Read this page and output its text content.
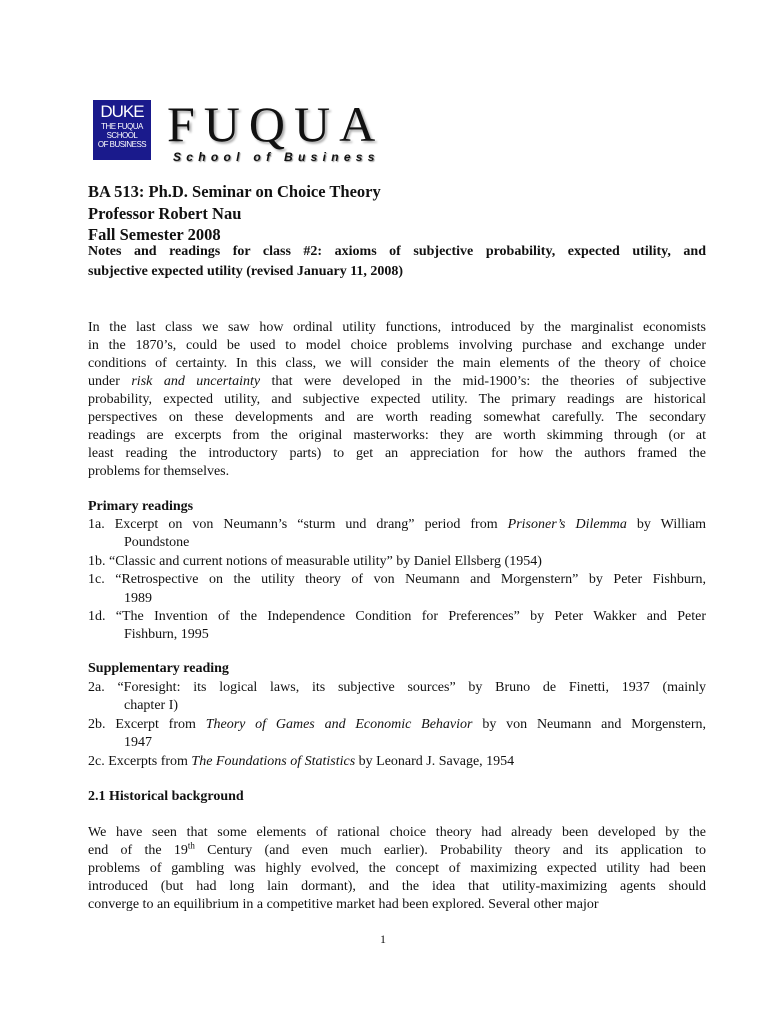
DUKE
THE FUQUA
SCHOOL
OF BUSINESS FUQUA
School of Business
BA 513: Ph.D. Seminar on Choice Theory
Professor Robert Nau
Fall Semester 2008
Notes and readings for class #2: axioms of subjective probability, expected utility, and
subjective expected utility (revised January 11, 2008)
In the last class we saw how ordinal utility functions, introduced by the marginalist economists
in the 1870’s, could be used to model choice problems involving purchase and exchange under
conditions of certainty. In this class, we will consider the main elements of the theory of choice
under risk and uncertainty that were developed in the mid-1900’s: the theories of subjective
probability, expected utility, and subjective expected utility. The primary readings are historical
perspectives on these developments and are worth reading somewhat carefully. The secondary
readings are excerpts from the original masterworks: they are worth skimming through (or at
least reading the introductory parts) to get an appreciation for how the authors framed the
problems for themselves.
Primary readings
1a. Excerpt on von Neumann’s “sturm und drang” period from Prisoner’s Dilemma by William
Poundstone
1b. “Classic and current notions of measurable utility” by Daniel Ellsberg (1954)
1c. “Retrospective on the utility theory of von Neumann and Morgenstern” by Peter Fishburn,
1989
1d. “The Invention of the Independence Condition for Preferences” by Peter Wakker and Peter
Fishburn, 1995
Supplementary reading
2a. “Foresight: its logical laws, its subjective sources” by Bruno de Finetti, 1937 (mainly
chapter I)
2b. Excerpt from Theory of Games and Economic Behavior by von Neumann and Morgenstern,
1947
2c. Excerpts from The Foundations of Statistics by Leonard J. Savage, 1954
2.1 Historical background
We have seen that some elements of rational choice theory had already been developed by the
end of the 19th Century (and even much earlier). Probability theory and its application to
problems of gambling was highly evolved, the concept of maximizing expected utility had been
introduced (but had long lain dormant), and the idea that utility-maximizing agents should
converge to an equilibrium in a competitive market had been explored. Several other major
1
